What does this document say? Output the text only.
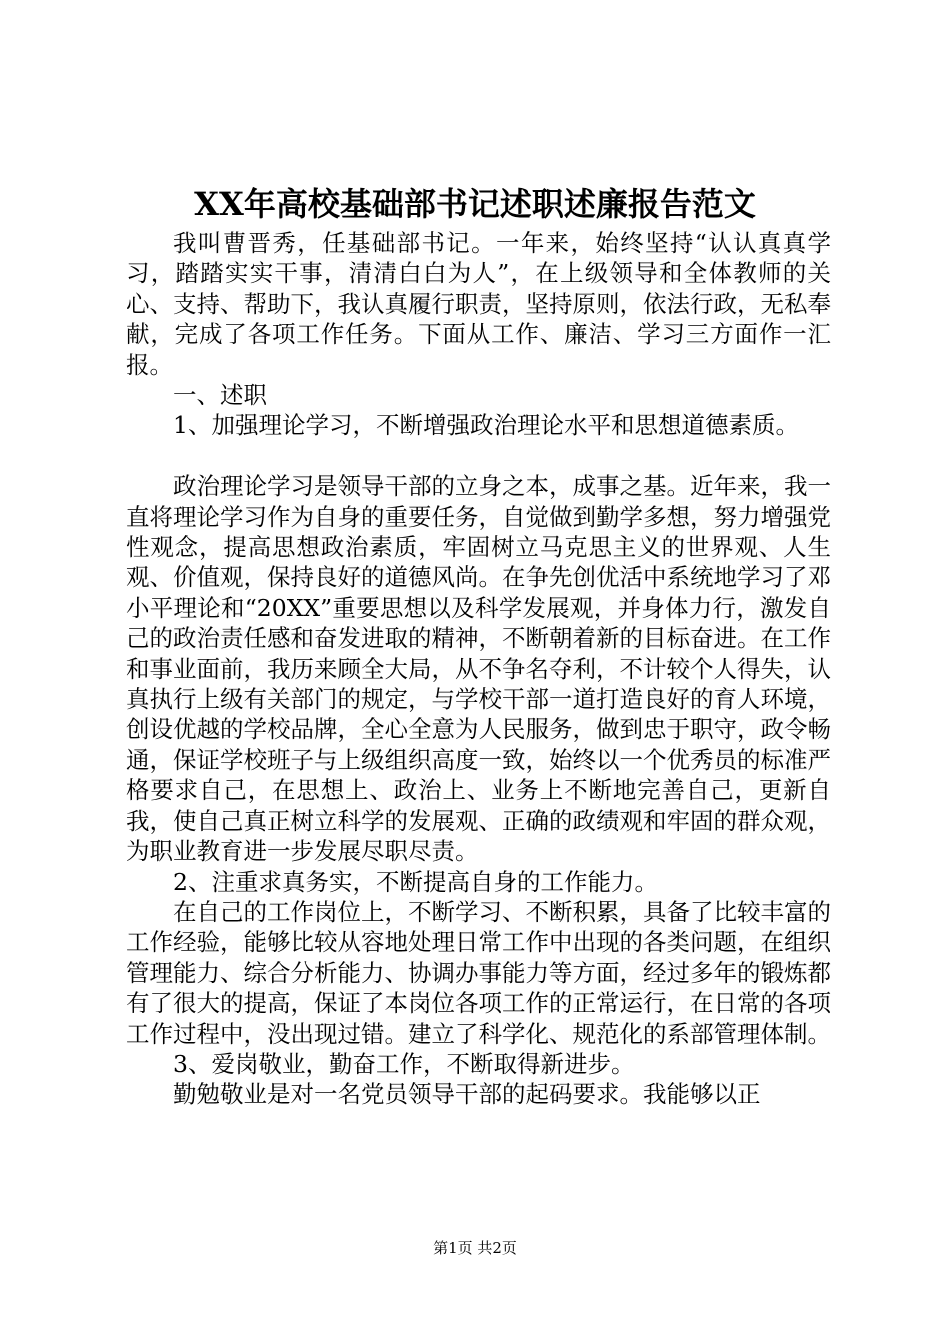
XX年高校基础部书记述职述廉报告范文

我叫曹晋秀，任基础部书记。一年来，始终坚持“认认真真学习，踏踏实实干事，清清白白为人”，在上级领导和全体教师的关心、支持、帮助下，我认真履行职责，坚持原则，依法行政，无私奉献，完成了各项工作任务。下面从工作、廉洁、学习三方面作一汇报。

一、述职

1、加强理论学习，不断增强政治理论水平和思想道德素质。

政治理论学习是领导干部的立身之本，成事之基。近年来，我一直将理论学习作为自身的重要任务，自觉做到勤学多想，努力增强党性观念，提高思想政治素质，牢固树立马克思主义的世界观、人生观、价值观，保持良好的道德风尚。在争先创优活中系统地学习了邓小平理论和“20XX”重要思想以及科学发展观，并身体力行，激发自己的政治责任感和奋发进取的精神，不断朝着新的目标奋进。在工作和事业面前，我历来顾全大局，从不争名夺利，不计较个人得失，认真执行上级有关部门的规定，与学校干部一道打造良好的育人环境，创设优越的学校品牌，全心全意为人民服务，做到忠于职守，政令畅通，保证学校班子与上级组织高度一致，始终以一个优秀员的标准严格要求自己，在思想上、政治上、业务上不断地完善自己，更新自我，使自己真正树立科学的发展观、正确的政绩观和牢固的群众观，为职业教育进一步发展尽职尽责。

2、注重求真务实，不断提高自身的工作能力。

在自己的工作岗位上，不断学习、不断积累，具备了比较丰富的工作经验，能够比较从容地处理日常工作中出现的各类问题，在组织管理能力、综合分析能力、协调办事能力等方面，经过多年的锻炼都有了很大的提高，保证了本岗位各项工作的正常运行，在日常的各项工作过程中，没出现过错。建立了科学化、规范化的系部管理体制。

3、爱岗敬业，勤奋工作，不断取得新进步。

勤勉敬业是对一名党员领导干部的起码要求。我能够以正

第1页 共2页
